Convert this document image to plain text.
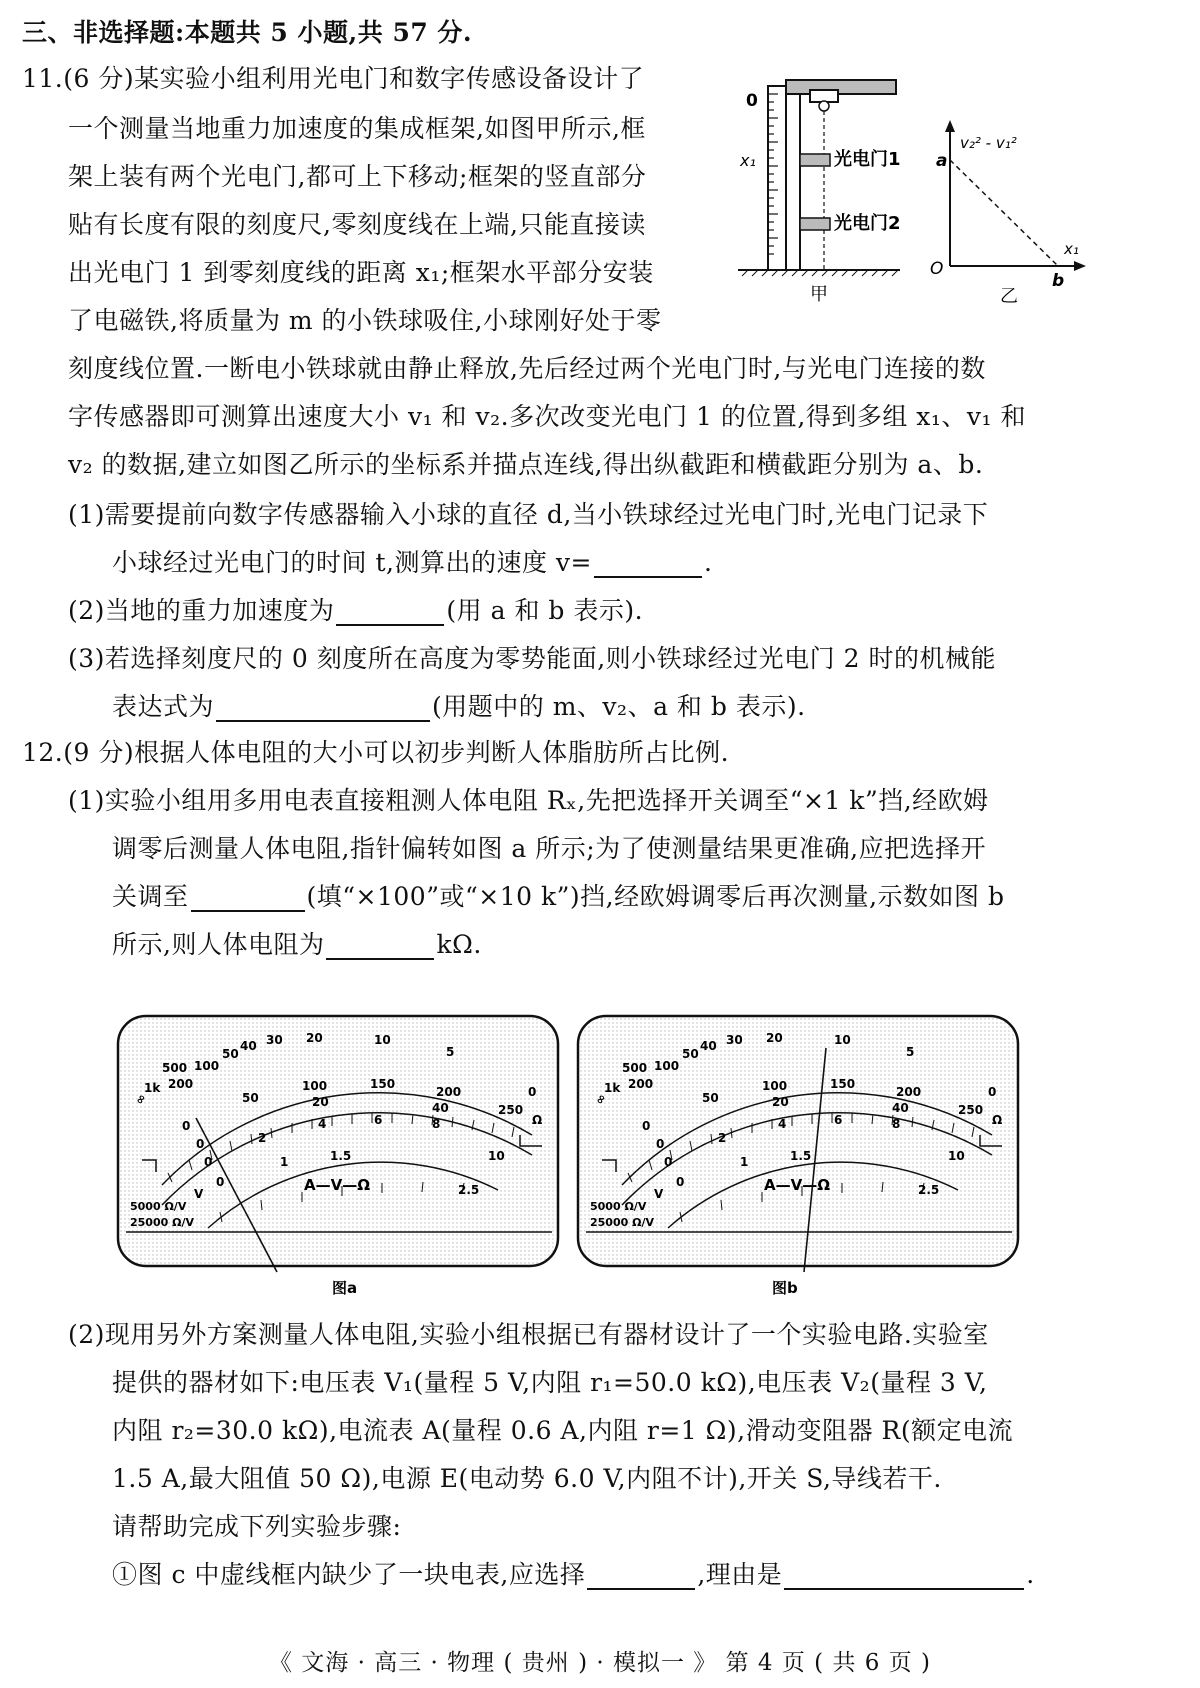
三、非选择题:本题共 5 小题,共 57 分.
11.(6 分)某实验小组利用光电门和数字传感设备设计了
一个测量当地重力加速度的集成框架,如图甲所示,框
架上装有两个光电门,都可上下移动;框架的竖直部分
贴有长度有限的刻度尺,零刻度线在上端,只能直接读
出光电门 1 到零刻度线的距离 x₁;框架水平部分安装
了电磁铁,将质量为 m 的小铁球吸住,小球刚好处于零
刻度线位置.一断电小铁球就由静止释放,先后经过两个光电门时,与光电门连接的数
字传感器即可测算出速度大小 v₁ 和 v₂.多次改变光电门 1 的位置,得到多组 x₁、v₁ 和
v₂ 的数据,建立如图乙所示的坐标系并描点连线,得出纵截距和横截距分别为 a、b.
(1)需要提前向数字传感器输入小球的直径 d,当小铁球经过光电门时,光电门记录下
小球经过光电门的时间 t,测算出的速度 v=	.
(2)当地的重力加速度为	(用 a 和 b 表示).
(3)若选择刻度尺的 0 刻度所在高度为零势能面,则小铁球经过光电门 2 时的机械能
表达式为	(用题中的 m、v₂、a 和 b 表示).
0
x₁	光电门1
光电门2
甲
v₂² - v₁²
a
O
b
x₁
乙
12.(9 分)根据人体电阻的大小可以初步判断人体脂肪所占比例.
(1)实验小组用多用电表直接粗测人体电阻 Rₓ,先把选择开关调至“×1 k”挡,经欧姆
调零后测量人体电阻,指针偏转如图 a 所示;为了使测量结果更准确,应把选择开
关调至	(填“×100”或“×10 k”)挡,经欧姆调零后再次测量,示数如图 b
所示,则人体电阻为	kΩ.
∞
1k
500
200
100
50
40 30 20	10
5
0
Ω
0
50
100	150
200
250
0
20	40
0
2
4	6	8
10
0
1	1.5
2.5
A—V—Ω
V
5000 Ω/V
25000 Ω/V
图a
∞
1k
500
200
100
50
40 30 20	10
5
0
Ω
0
50
100	150
200
250
0
20	40
0
2
4	6	8
10
0
1	1.5
2.5
A—V—Ω
V
5000 Ω/V
25000 Ω/V
图b
(2)现用另外方案测量人体电阻,实验小组根据已有器材设计了一个实验电路.实验室
提供的器材如下:电压表 V₁(量程 5 V,内阻 r₁=50.0 kΩ),电压表 V₂(量程 3 V,
内阻 r₂=30.0 kΩ),电流表 A(量程 0.6 A,内阻 r=1 Ω),滑动变阻器 R(额定电流
1.5 A,最大阻值 50 Ω),电源 E(电动势 6.0 V,内阻不计),开关 S,导线若干.
请帮助完成下列实验步骤:
①图 c 中虚线框内缺少了一块电表,应选择	,理由是	.
《 文海 · 高三 · 物理 ( 贵州 ) · 模拟一 》 第 4 页 ( 共 6 页 )
